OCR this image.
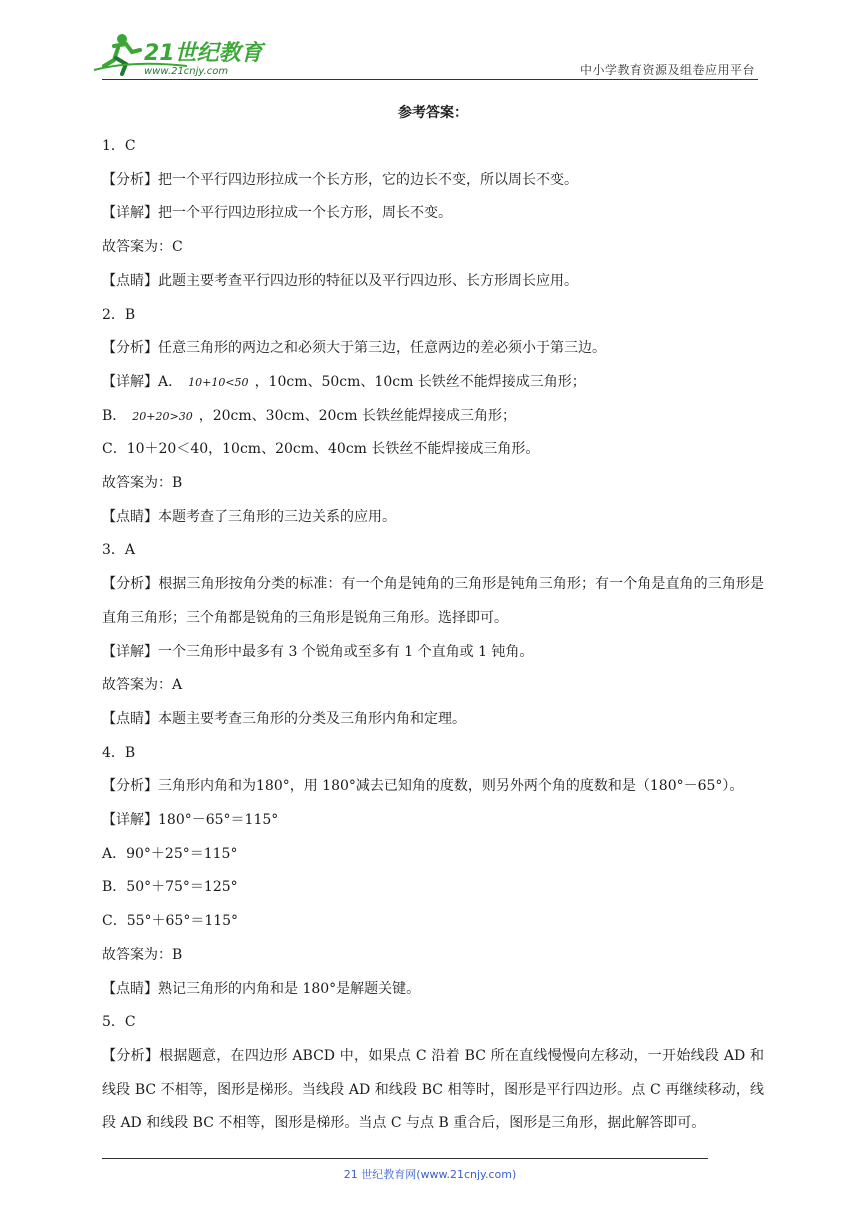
21世纪教育
www.21cnjy.com	中小学教育资源及组卷应用平台
参考答案：
1．C
【分析】把一个平行四边形拉成一个长方形，它的边长不变，所以周长不变。
【详解】把一个平行四边形拉成一个长方形，周长不变。
故答案为：C
【点睛】此题主要考查平行四边形的特征以及平行四边形、长方形周长应用。
2．B
【分析】任意三角形的两边之和必须大于第三边，任意两边的差必须小于第三边。
【详解】A． 10+10<50 ，10cm、50cm、10cm 长铁丝不能焊接成三角形；
B． 20+20>30 ，20cm、30cm、20cm 长铁丝能焊接成三角形；
C．10＋20＜40，10cm、20cm、40cm 长铁丝不能焊接成三角形。
故答案为：B
【点睛】本题考查了三角形的三边关系的应用。
3．A
【分析】根据三角形按角分类的标准：有一个角是钝角的三角形是钝角三角形；有一个角是直角的三角形是直角三角形；三个角都是锐角的三角形是锐角三角形。选择即可。
【详解】一个三角形中最多有 3 个锐角或至多有 1 个直角或 1 钝角。
故答案为：A
【点睛】本题主要考查三角形的分类及三角形内角和定理。
4．B
【分析】三角形内角和为180°，用 180°减去已知角的度数，则另外两个角的度数和是（180°－65°）。
【详解】180°－65°＝115°
A．90°＋25°＝115°
B．50°＋75°＝125°
C．55°＋65°＝115°
故答案为：B
【点睛】熟记三角形的内角和是 180°是解题关键。
5．C
【分析】根据题意，在四边形 ABCD 中，如果点 C 沿着 BC 所在直线慢慢向左移动，一开始线段 AD 和线段 BC 不相等，图形是梯形。当线段 AD 和线段 BC 相等时，图形是平行四边形。点 C 再继续移动，线段 AD 和线段 BC 不相等，图形是梯形。当点 C 与点 B 重合后，图形是三角形，据此解答即可。
21 世纪教育网(www.21cnjy.com)
